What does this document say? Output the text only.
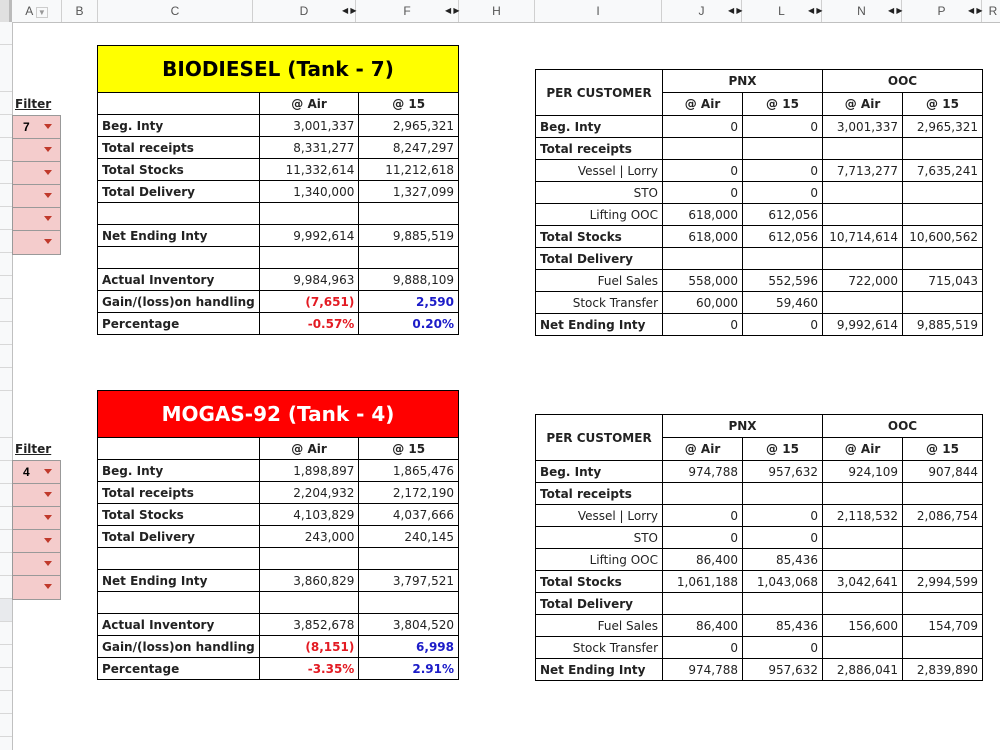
A ▼	B	C	D	◀ ▶	F	◀ ▶	H	I	J	◀ ▶	L	◀ ▶	N	◀ ▶	P	◀ ▶ R
Filter
7
BIODIESEL (Tank - 7)		
	@ Air	@ 15
Beg. Inty	3,001,337	2,965,321
Total receipts	8,331,277	8,247,297
Total Stocks	11,332,614	11,212,618
Total Delivery	1,340,000	1,327,099

Net Ending Inty	9,992,614	9,885,519

Actual Inventory	9,984,963	9,888,109
Gain/(loss)on handling	(7,651)	2,590
Percentage	-0.57%	0.20%
PER CUSTOMER	PNX		OOC	
	@ Air	@ 15	@ Air	@ 15
Beg. Inty	0	0	3,001,337	2,965,321
Total receipts				
Vessel | Lorry	0	0	7,713,277	7,635,241
STO	0	0		
Lifting OOC	618,000	612,056		
Total Stocks	618,000	612,056	10,714,614	10,600,562
Total Delivery				
Fuel Sales	558,000	552,596	722,000	715,043
Stock Transfer	60,000	59,460		
Net Ending Inty	0	0	9,992,614	9,885,519
Filter
4
MOGAS-92 (Tank - 4)		
	@ Air	@ 15
Beg. Inty	1,898,897	1,865,476
Total receipts	2,204,932	2,172,190
Total Stocks	4,103,829	4,037,666
Total Delivery	243,000	240,145

Net Ending Inty	3,860,829	3,797,521

Actual Inventory	3,852,678	3,804,520
Gain/(loss)on handling	(8,151)	6,998
Percentage	-3.35%	2.91%
PER CUSTOMER	PNX		OOC	
	@ Air	@ 15	@ Air	@ 15
Beg. Inty	974,788	957,632	924,109	907,844
Total receipts				
Vessel | Lorry	0	0	2,118,532	2,086,754
STO	0	0		
Lifting OOC	86,400	85,436		
Total Stocks	1,061,188	1,043,068	3,042,641	2,994,599
Total Delivery				
Fuel Sales	86,400	85,436	156,600	154,709
Stock Transfer	0	0		
Net Ending Inty	974,788	957,632	2,886,041	2,839,890
